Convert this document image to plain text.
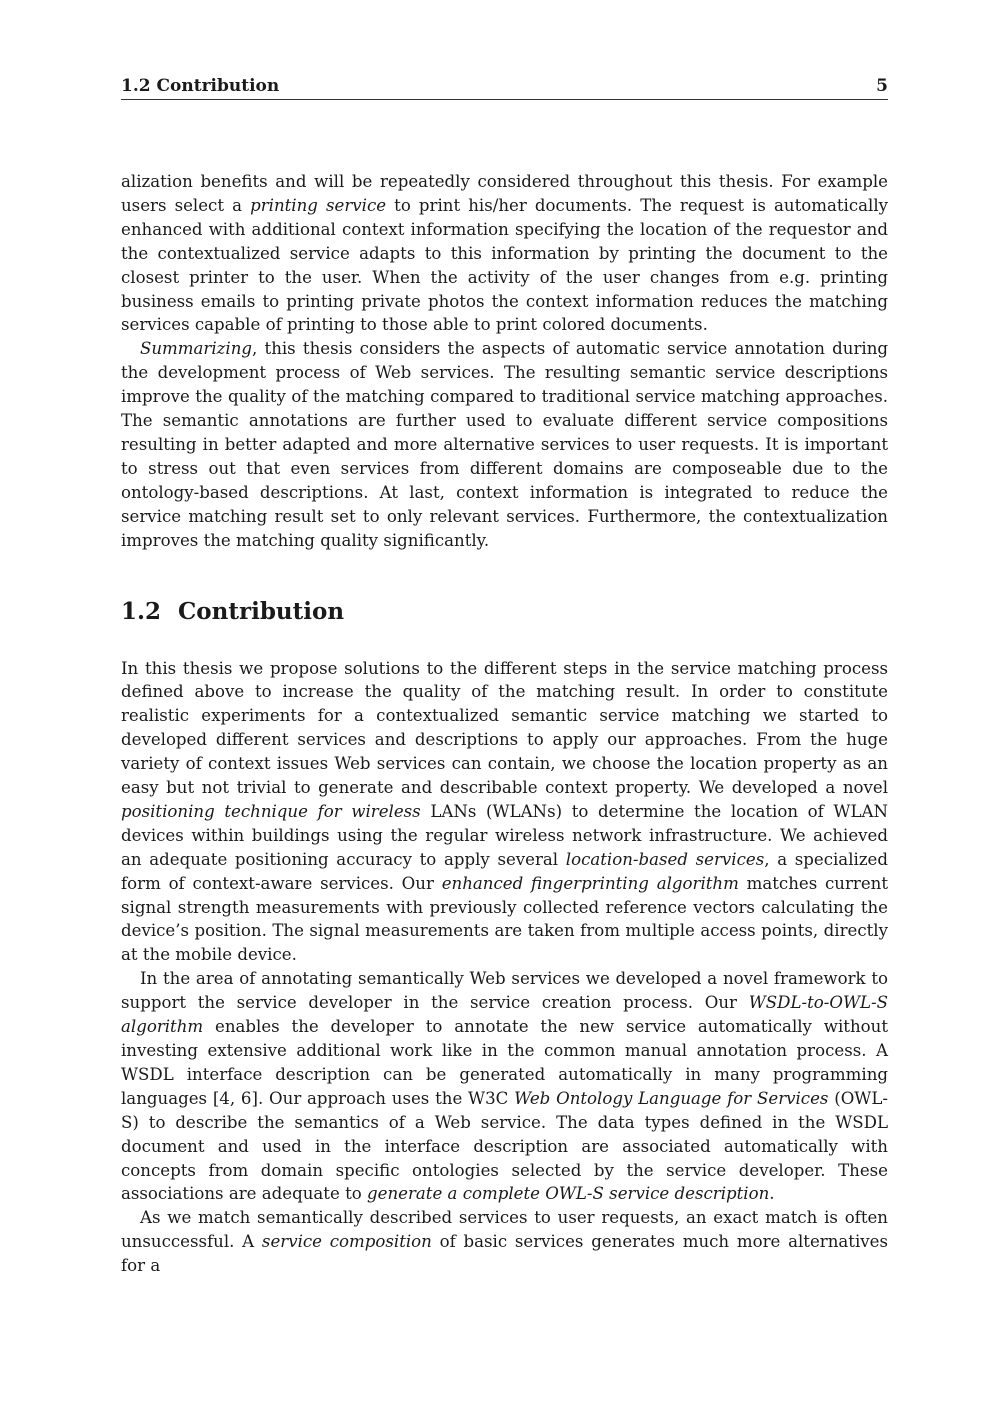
1.2 Contribution	5

alization benefits and will be repeatedly considered throughout this thesis. For example users select a printing service to print his/her documents. The request is automatically enhanced with additional context information specifying the location of the requestor and the contextualized service adapts to this information by printing the document to the closest printer to the user. When the activity of the user changes from e.g. printing business emails to printing private photos the context information reduces the matching services capable of printing to those able to print colored documents.

Summarizing, this thesis considers the aspects of automatic service annotation during the development process of Web services. The resulting semantic service descriptions improve the quality of the matching compared to traditional service matching approaches. The semantic annotations are further used to evaluate different service compositions resulting in better adapted and more alternative services to user requests. It is important to stress out that even services from different domains are composeable due to the ontology-based descriptions. At last, context information is integrated to reduce the service matching result set to only relevant services. Furthermore, the contextualization improves the matching quality significantly.

1.2 Contribution

In this thesis we propose solutions to the different steps in the service matching process defined above to increase the quality of the matching result. In order to constitute realistic experiments for a contextualized semantic service matching we started to developed different services and descriptions to apply our approaches. From the huge variety of context issues Web services can contain, we choose the location property as an easy but not trivial to generate and describable context property. We developed a novel positioning technique for wireless LANs (WLANs) to determine the location of WLAN devices within buildings using the regular wireless network infrastructure. We achieved an adequate positioning accuracy to apply several location-based services, a specialized form of context-aware services. Our enhanced fingerprinting algorithm matches current signal strength measurements with previously collected reference vectors calculating the device’s position. The signal measurements are taken from multiple access points, directly at the mobile device.

In the area of annotating semantically Web services we developed a novel framework to support the service developer in the service creation process. Our WSDL-to-OWL-S algorithm enables the developer to annotate the new service automatically without investing extensive additional work like in the common manual annotation process. A WSDL interface description can be generated automatically in many programming languages [4, 6]. Our approach uses the W3C Web Ontology Language for Services (OWL-S) to describe the semantics of a Web service. The data types defined in the WSDL document and used in the interface description are associated automatically with concepts from domain specific ontologies selected by the service developer. These associations are adequate to generate a complete OWL-S service description.

As we match semantically described services to user requests, an exact match is often unsuccessful. A service composition of basic services generates much more alternatives for a
